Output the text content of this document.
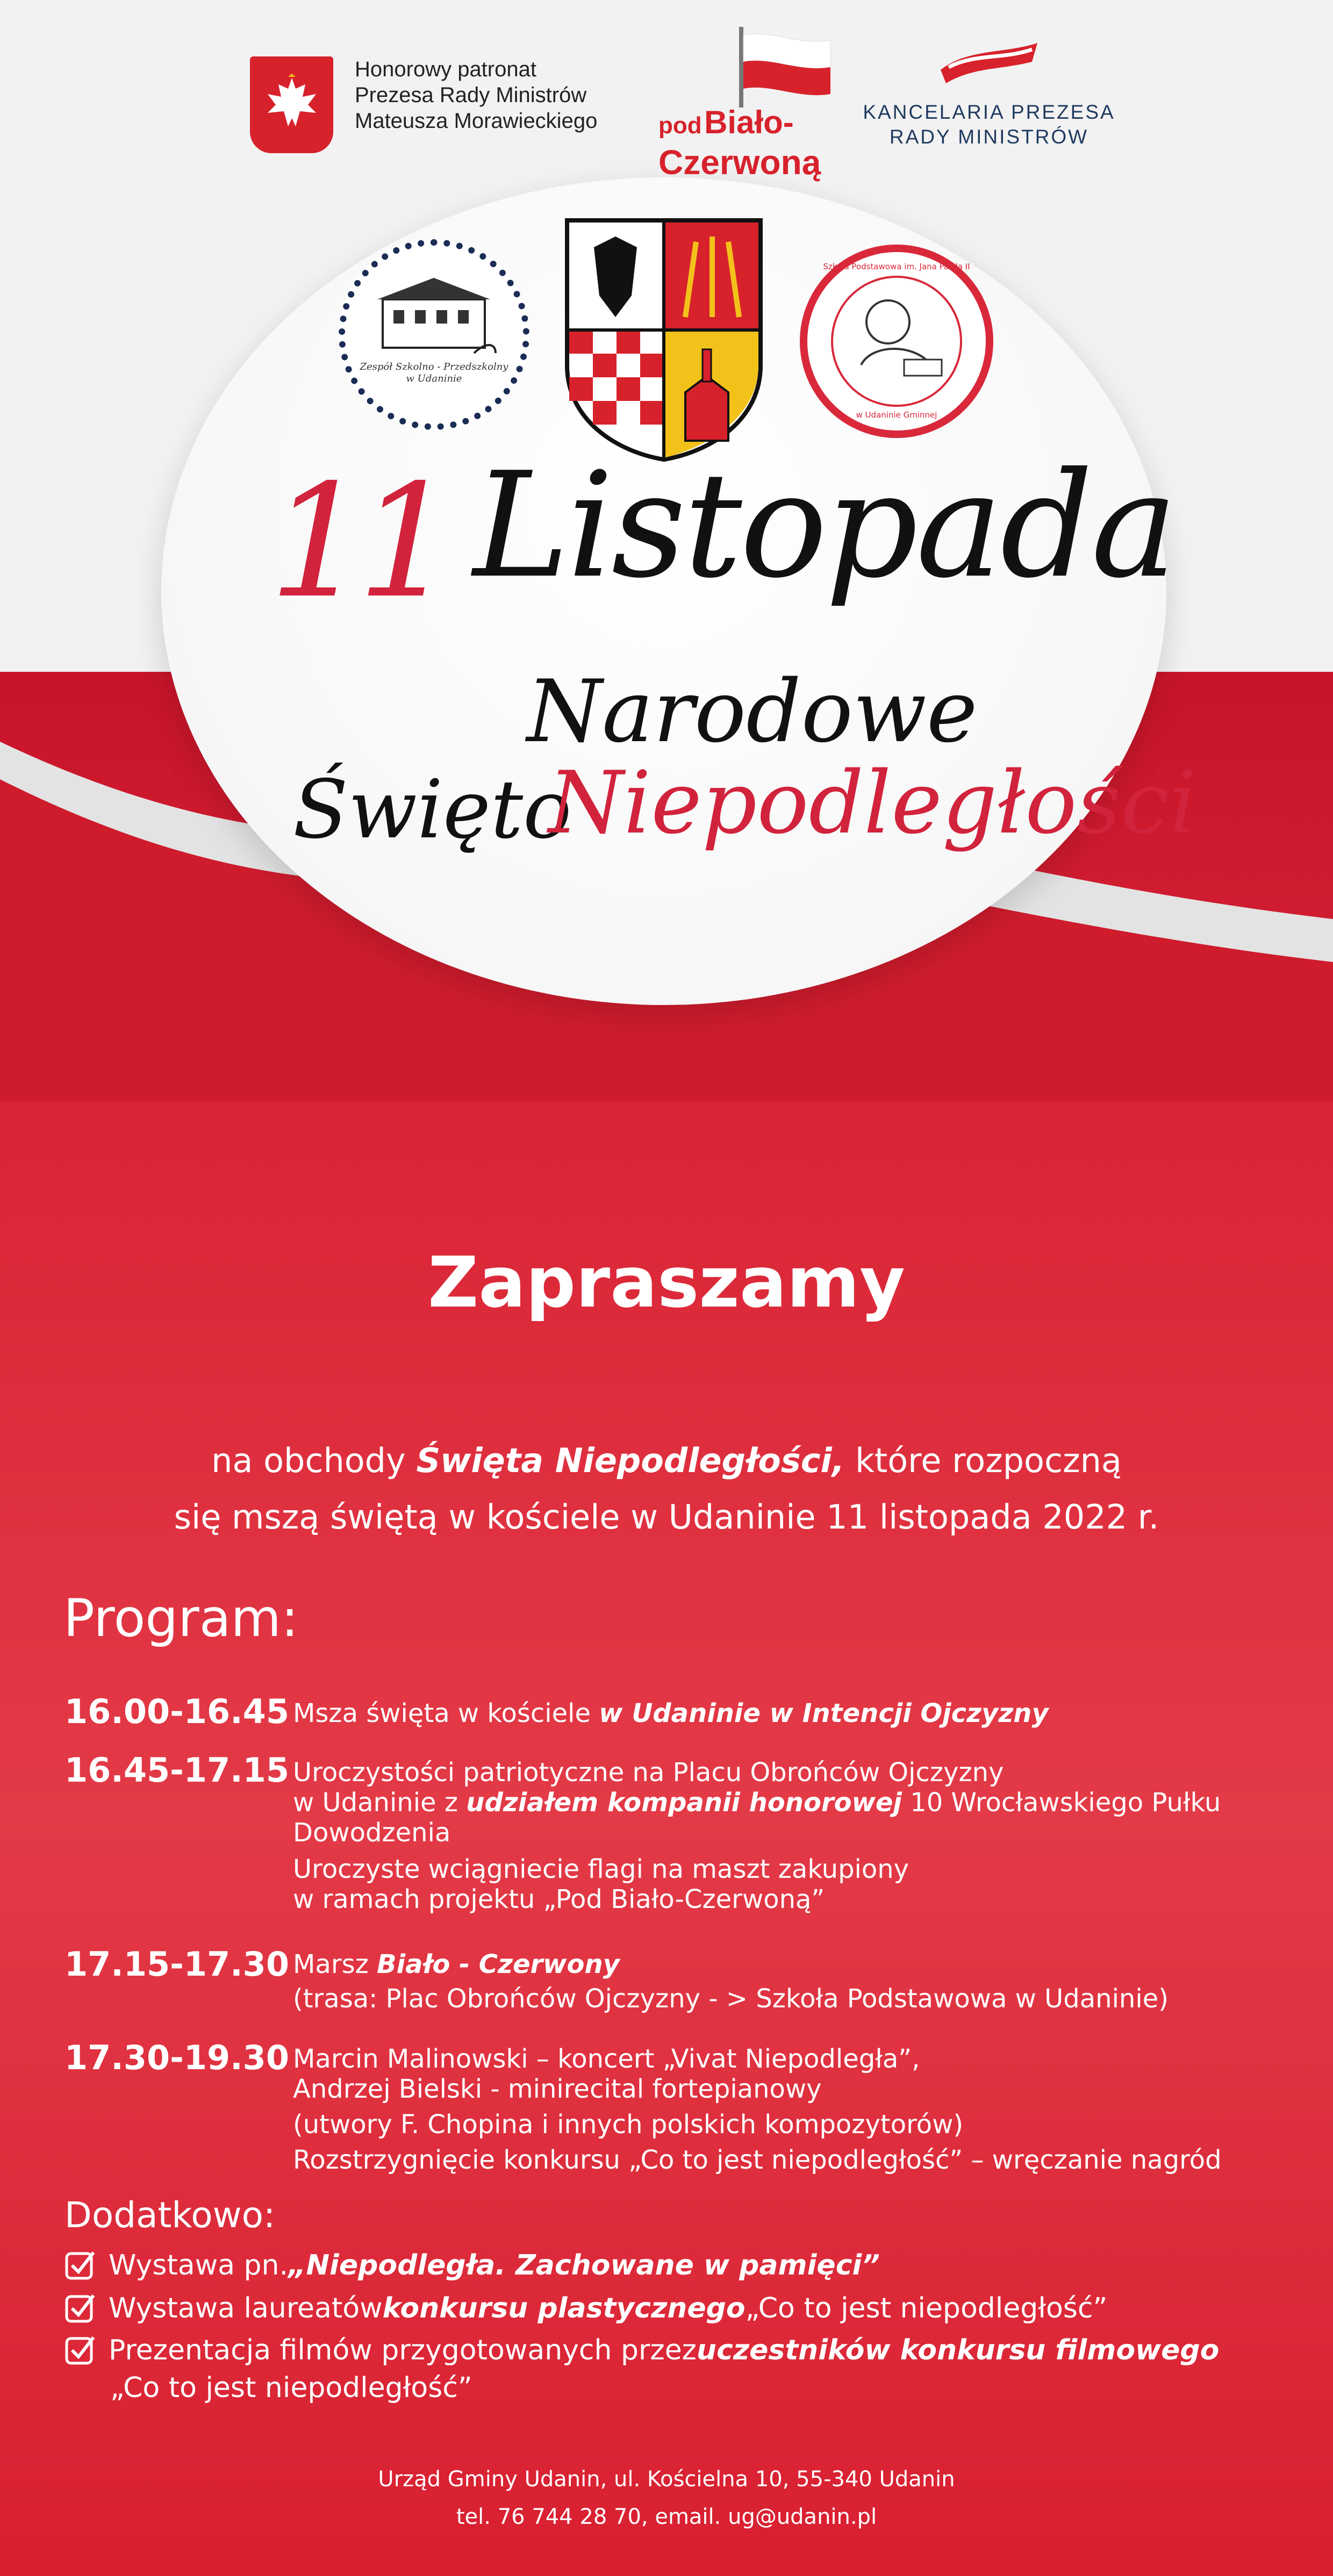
Honorowy patronat
Prezesa Rady Ministrów
Mateusza Morawieckiego	pod Biało-
Czerwoną
KANCELARIA PREZESA
RADY MINISTRÓW
Zespół Szkolno - Przedszkolny
w Udaninie
Szkoła Podstawowa im. Jana Pawła II
w Udaninie Gminnej
11 Listopada
Narodowe
Święto
Niepodległości
Zapraszamy
na obchody Święta Niepodległości, które rozpoczną
się mszą świętą w kościele w Udaninie 11 listopada 2022 r.
Program:
16.00-16.45 Msza święta w kościele w Udaninie w Intencji Ojczyzny
16.45-17.15 Uroczystości patriotyczne na Placu Obrońców Ojczyzny
w Udaninie z udziałem kompanii honorowej 10 Wrocławskiego Pułku
Dowodzenia
Uroczyste wciągniecie flagi na maszt zakupiony
w ramach projektu „Pod Biało-Czerwoną”
17.15-17.30 Marsz Biało - Czerwony
(trasa: Plac Obrońców Ojczyzny - > Szkoła Podstawowa w Udaninie)
17.30-19.30 Marcin Malinowski – koncert „Vivat Niepodległa”,
Andrzej Bielski - minirecital fortepianowy
(utwory F. Chopina i innych polskich kompozytorów)
Rozstrzygnięcie konkursu „Co to jest niepodległość” – wręczanie nagród
Dodatkowo:
Wystawa pn. „Niepodległa. Zachowane w pamięci”
Wystawa laureatów konkursu plastycznego „Co to jest niepodległość”
Prezentacja filmów przygotowanych przez uczestników konkursu filmowego
„Co to jest niepodległość”
Urząd Gminy Udanin, ul. Kościelna 10, 55-340 Udanin
tel. 76 744 28 70, email. ug@udanin.pl
